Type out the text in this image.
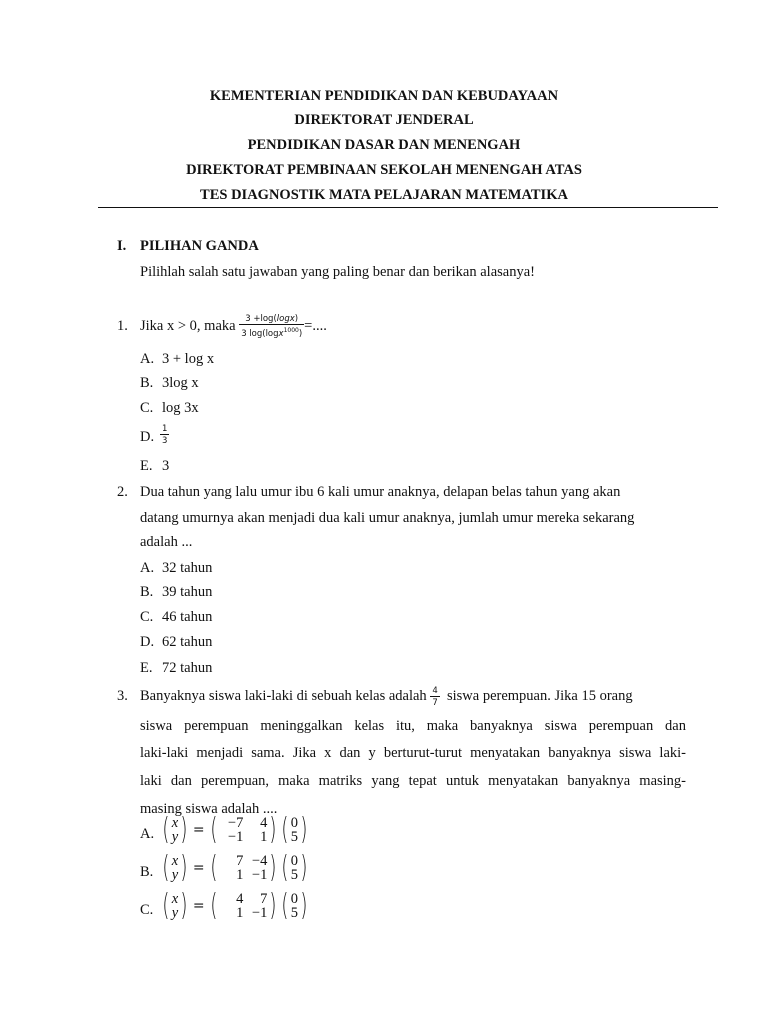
KEMENTERIAN PENDIDIKAN DAN KEBUDAYAAN
DIREKTORAT JENDERAL
PENDIDIKAN DASAR DAN MENENGAH
DIREKTORAT PEMBINAAN SEKOLAH MENENGAH ATAS
TES DIAGNOSTIK MATA PELAJARAN MATEMATIKA
I. PILIHAN GANDA
Pilihlah salah satu jawaban yang paling benar dan berikan alasanya!
1. Jika x > 0, maka $\frac{3 +\log(\log x)}{3 \log(\log x^{1000})}$ =....
A. 3 + log x
B. 3log x
C. log 3x
D. $\frac{1}{3}$
E. 3
2. Dua tahun yang lalu umur ibu 6 kali umur anaknya, delapan belas tahun yang akan
datang umurnya akan menjadi dua kali umur anaknya, jumlah umur mereka sekarang
adalah ...
A. 32 tahun
B. 39 tahun
C. 46 tahun
D. 62 tahun
E. 72 tahun
3. Banyaknya siswa laki-laki di sebuah kelas adalah $\frac{4}{7}$ siswa perempuan. Jika 15 orang
siswa perempuan meninggalkan kelas itu, maka banyaknya siswa perempuan dan
laki-laki menjadi sama. Jika x dan y berturut-turut menyatakan banyaknya siswa laki-
laki dan perempuan, maka matriks yang tepat untuk menyatakan banyaknya masing-
masing siswa adalah ....
A. ( x
y ) = ( −7 4
−1 1 ) ( 0
5 )
B. ( x
y ) = (	7 −4
1 −1 ) ( 0
5 )
C. ( x
y ) = (	4 7
1 −1 ) ( 0
5 )
